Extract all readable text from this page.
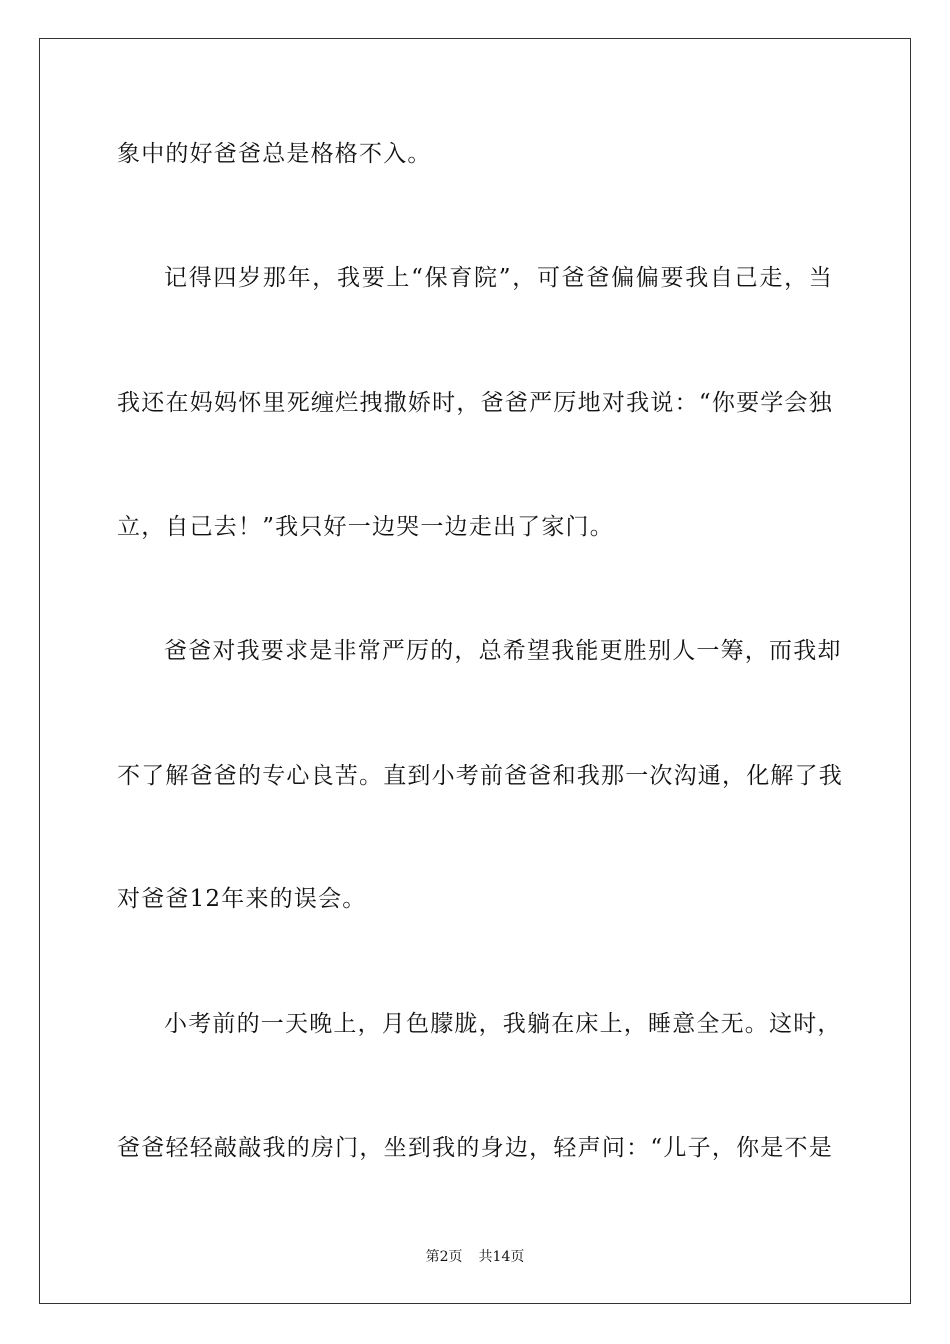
象中的好爸爸总是格格不入。
记得四岁那年，我要上“保育院”，可爸爸偏偏要我自己走，当
我还在妈妈怀里死缠烂拽撒娇时，爸爸严厉地对我说：“你要学会独
立，自己去！”我只好一边哭一边走出了家门。
爸爸对我要求是非常严厉的，总希望我能更胜别人一筹，而我却
不了解爸爸的专心良苦。直到小考前爸爸和我那一次沟通，化解了我
对爸爸12年来的误会。
小考前的一天晚上，月色朦胧，我躺在床上，睡意全无。这时，
爸爸轻轻敲敲我的房门，坐到我的身边，轻声问：“儿子，你是不是
第2页 共14页
